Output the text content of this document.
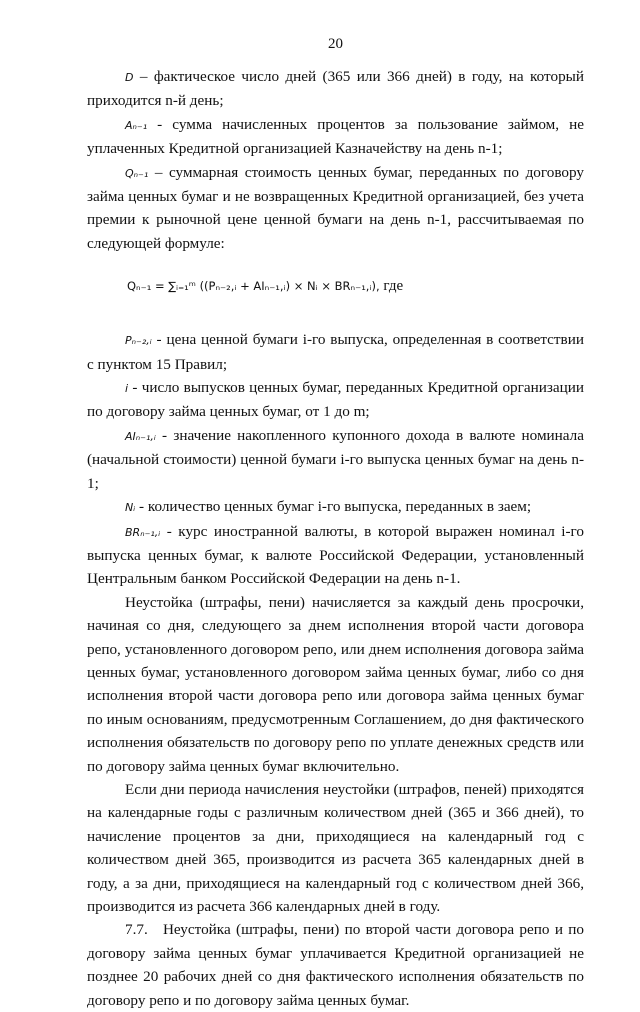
20

D – фактическое число дней (365 или 366 дней) в году, на который приходится n-й день;

Aₙ₋₁ - сумма начисленных процентов за пользование займом, не уплаченных Кредитной организацией Казначейству на день n-1;

Qₙ₋₁ – суммарная стоимость ценных бумаг, переданных по договору займа ценных бумаг и не возвращенных Кредитной организацией, без учета премии к рыночной цене ценной бумаги на день n-1, рассчитываемая по следующей формуле:

Qₙ₋₁ = ∑ᵢ₌₁ᵐ ((Pₙ₋₂,ᵢ + AIₙ₋₁,ᵢ) × Nᵢ × BRₙ₋₁,ᵢ), где

Pₙ₋₂,ᵢ - цена ценной бумаги i-го выпуска, определенная в соответствии с пунктом 15 Правил;

i - число выпусков ценных бумаг, переданных Кредитной организации по договору займа ценных бумаг, от 1 до m;

AIₙ₋₁,ᵢ - значение накопленного купонного дохода в валюте номинала (начальной стоимости) ценной бумаги i-го выпуска ценных бумаг на день n-1;

Nᵢ - количество ценных бумаг i-го выпуска, переданных в заем;

BRₙ₋₁,ᵢ - курс иностранной валюты, в которой выражен номинал i-го выпуска ценных бумаг, к валюте Российской Федерации, установленный Центральным банком Российской Федерации на день n-1.

Неустойка (штрафы, пени) начисляется за каждый день просрочки, начиная со дня, следующего за днем исполнения второй части договора репо, установленного договором репо, или днем исполнения договора займа ценных бумаг, установленного договором займа ценных бумаг, либо со дня исполнения второй части договора репо или договора займа ценных бумаг по иным основаниям, предусмотренным Соглашением, до дня фактического исполнения обязательств по договору репо по уплате денежных средств или по договору займа ценных бумаг включительно.

Если дни периода начисления неустойки (штрафов, пеней) приходятся на календарные годы с различным количеством дней (365 и 366 дней), то начисление процентов за дни, приходящиеся на календарный год с количеством дней 365, производится из расчета 365 календарных дней в году, а за дни, приходящиеся на календарный год с количеством дней 366, производится из расчета 366 календарных дней в году.

7.7. Неустойка (штрафы, пени) по второй части договора репо и по договору займа ценных бумаг уплачивается Кредитной организацией не позднее 20 рабочих дней со дня фактического исполнения обязательств по договору репо и по договору займа ценных бумаг.
